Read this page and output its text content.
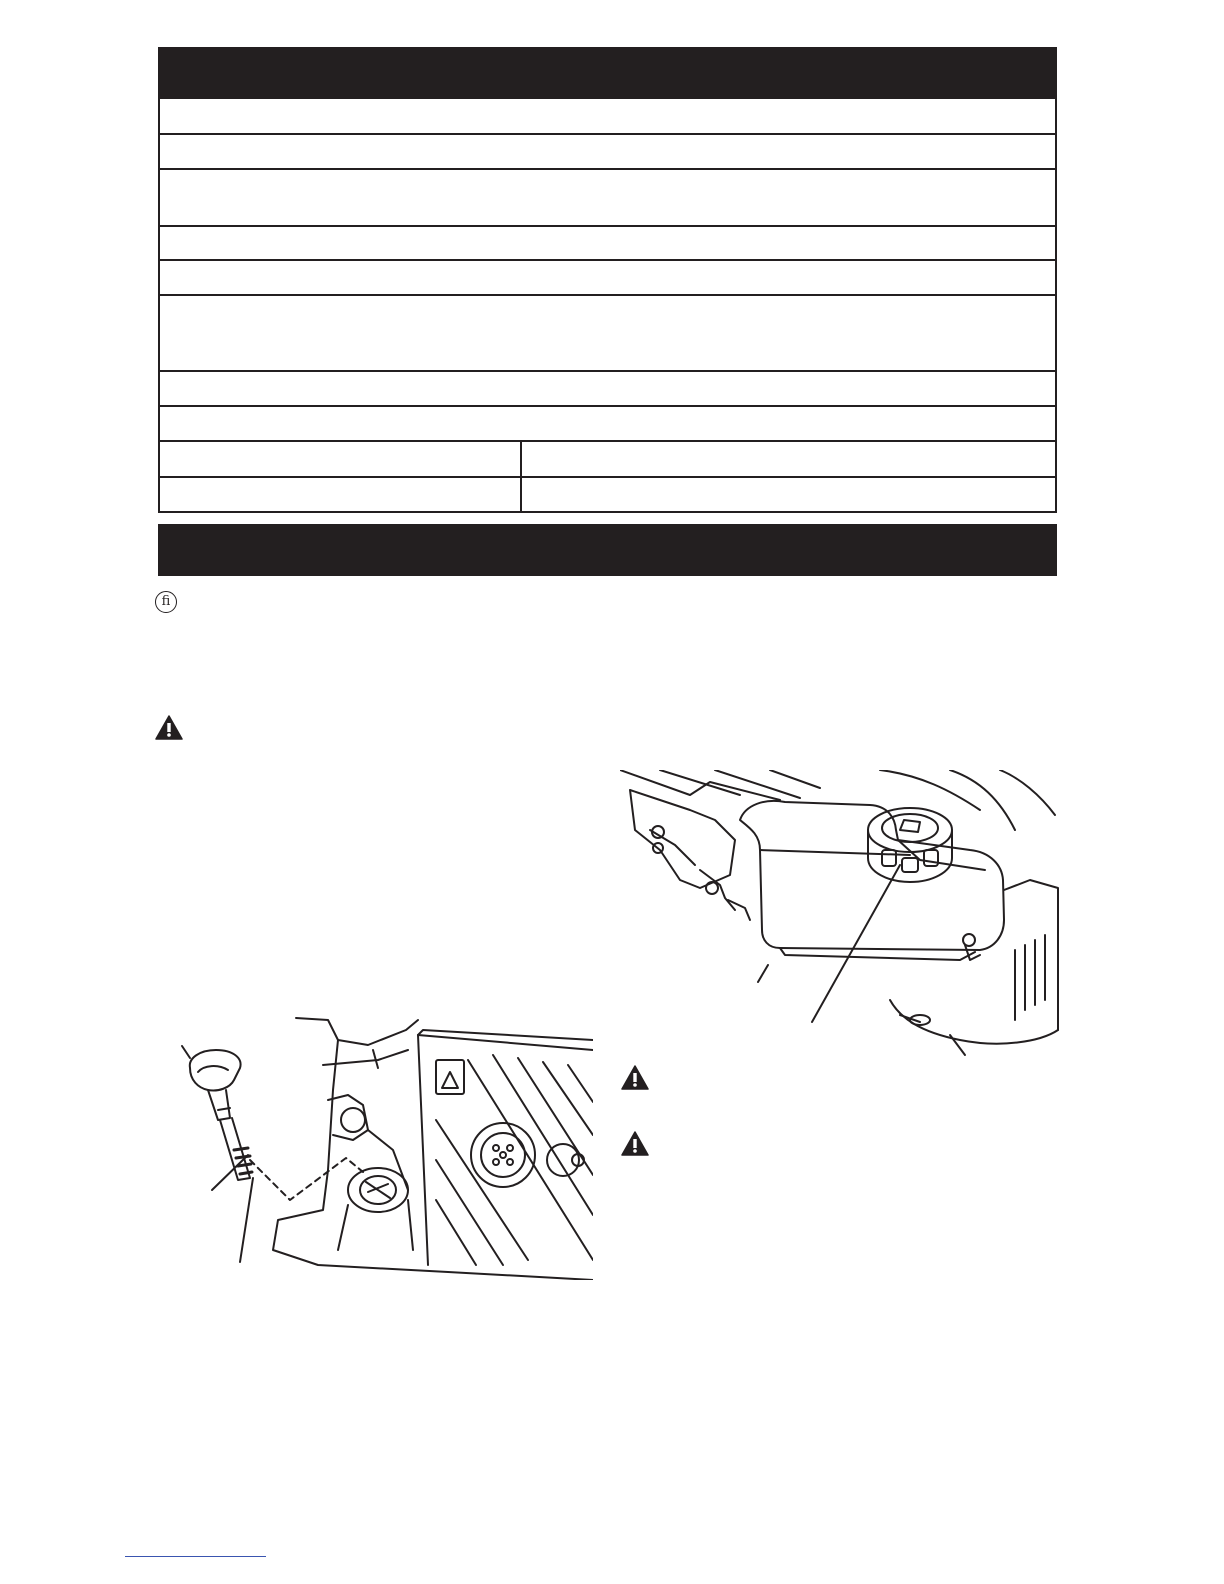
ﬁ
